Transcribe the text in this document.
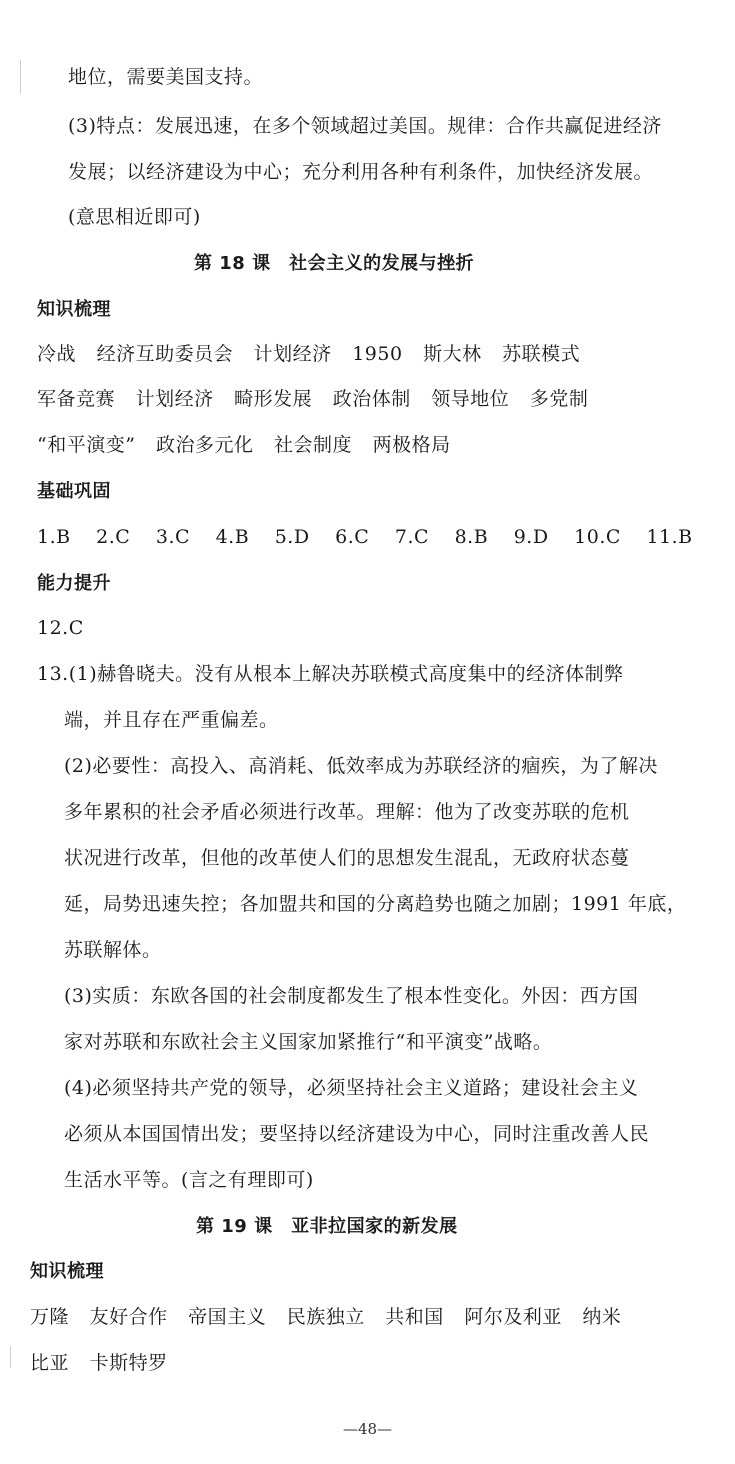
地位，需要美国支持。
(3)特点：发展迅速，在多个领域超过美国。规律：合作共赢促进经济
发展；以经济建设为中心；充分利用各种有利条件，加快经济发展。
(意思相近即可)
第 18 课　社会主义的发展与挫折
知识梳理
冷战 经济互助委员会 计划经济 1950 斯大林 苏联模式
军备竞赛 计划经济 畸形发展 政治体制 领导地位 多党制
“和平演变” 政治多元化 社会制度 两极格局
基础巩固
1.B 2.C 3.C 4.B 5.D 6.C 7.C 8.B 9.D 10.C 11.B
能力提升
12.C
13.(1)赫鲁晓夫。没有从根本上解决苏联模式高度集中的经济体制弊
端，并且存在严重偏差。
(2)必要性：高投入、高消耗、低效率成为苏联经济的痼疾，为了解决
多年累积的社会矛盾必须进行改革。理解：他为了改变苏联的危机
状况进行改革，但他的改革使人们的思想发生混乱，无政府状态蔓
延，局势迅速失控；各加盟共和国的分离趋势也随之加剧；1991 年底，
苏联解体。
(3)实质：东欧各国的社会制度都发生了根本性变化。外因：西方国
家对苏联和东欧社会主义国家加紧推行“和平演变”战略。
(4)必须坚持共产党的领导，必须坚持社会主义道路；建设社会主义
必须从本国国情出发；要坚持以经济建设为中心，同时注重改善人民
生活水平等。(言之有理即可)
第 19 课　亚非拉国家的新发展
知识梳理
万隆 友好合作 帝国主义 民族独立 共和国 阿尔及利亚 纳米
比亚 卡斯特罗
—48—
